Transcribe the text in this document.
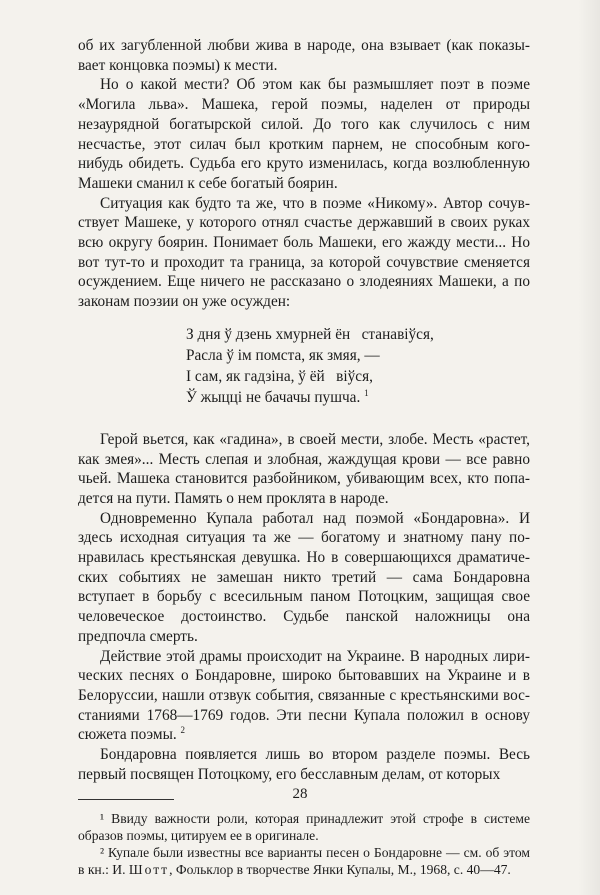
об их загубленной любви жива в народе, она взывает (как показывает концовка поэмы) к мести.

Но о какой мести? Об этом как бы размышляет поэт в поэме «Могила льва». Машека, герой поэмы, наделен от природы незаурядной богатырской силой. До того как случилось с ним несчастье, этот силач был кротким парнем, не способным кого-нибудь обидеть. Судьба его круто изменилась, когда возлюбленную Машеки сманил к себе богатый боярин.

Ситуация как будто та же, что в поэме «Никому». Автор сочувствует Машеке, у которого отнял счастье державший в своих руках всю округу боярин. Понимает боль Машеки, его жажду мести... Но вот тут-то и проходит та граница, за которой сочувствие сменяется осуждением. Еще ничего не рассказано о злодеяниях Машеки, а по законам поэзии он уже осужден:

З дня ў дзень хмурней ён   станавіўся,
Расла ў ім помста, як змяя, —
І сам, як гадзіна, ў ёй   віўся,
Ў жыцці не бачачы пушча. $^1$

Герой вьется, как «гадина», в своей мести, злобе. Месть «растет, как змея»... Месть слепая и злобная, жаждущая крови — все равно чьей. Машека становится разбойником, убивающим всех, кто попадется на пути. Память о нем проклята в народе.

Одновременно Купала работал над поэмой «Бондаровна». И здесь исходная ситуация та же — богатому и знатному пану понравилась крестьянская девушка. Но в совершающихся драматических событиях не замешан никто третий — сама Бондаровна вступает в борьбу с всесильным паном Потоцким, защищая свое человеческое достоинство. Судьбе панской наложницы она предпочла смерть.

Действие этой драмы происходит на Украине. В народных лирических песнях о Бондаровне, широко бытовавших на Украине и в Белоруссии, нашли отзвук события, связанные с крестьянскими восстаниями 1768—1769 годов. Эти песни Купала положил в основу сюжета поэмы. $^2$

Бондаровна появляется лишь во втором разделе поэмы. Весь первый посвящен Потоцкому, его бесславным делам, от которых

¹ Ввиду важности роли, которая принадлежит этой строфе в системе образов поэмы, цитируем ее в оригинале.

² Купале были известны все варианты песен о Бондаровне — см. об этом в кн.: И. Шотт, Фольклор в творчестве Янки Купалы, М., 1968, с. 40—47.

28
